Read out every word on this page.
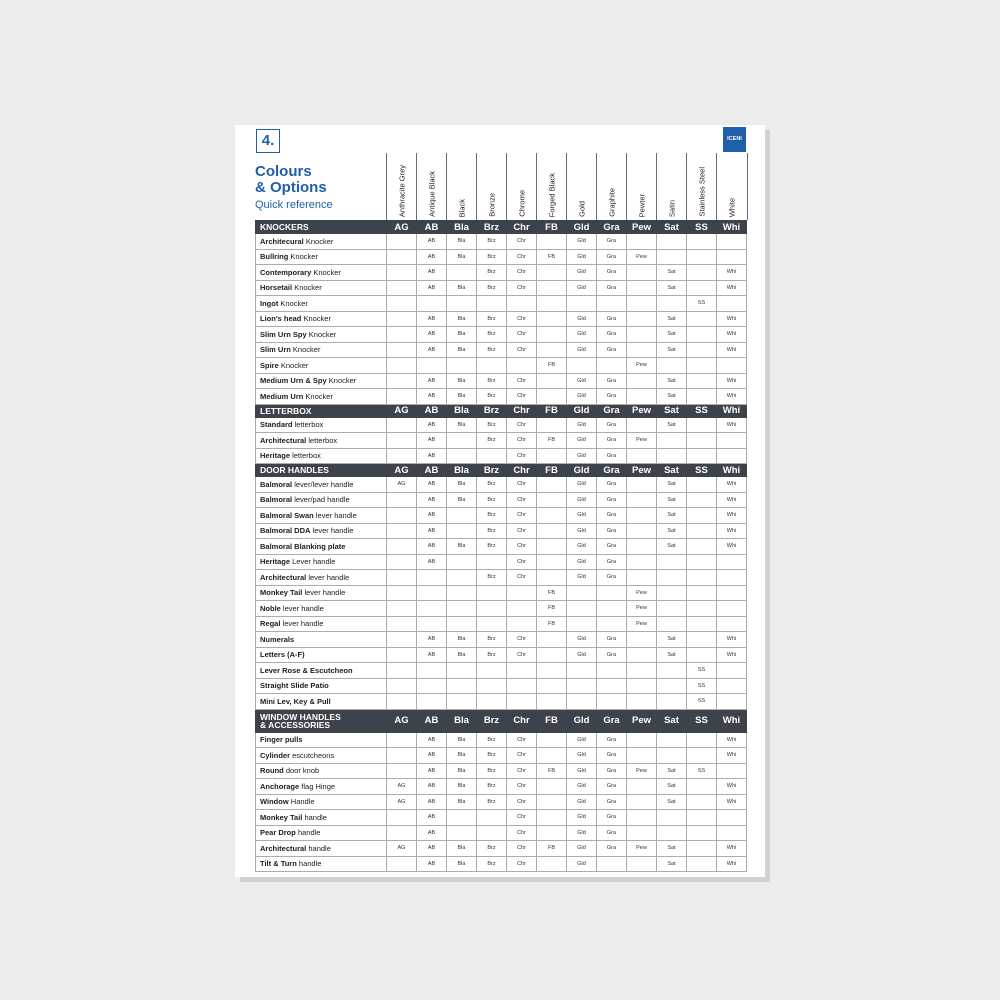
4.	ICENI
Colours
& Options
Quick reference	Anthracite Grey	Antique Black	Black	Bronze	Chrome	Forged Black	Gold	Graphite	Pewter	Satin	Stainless Steel	White
KNOCKERS	AG	AB	Bla	Brz	Chr	FB	Gld	Gra	Pew	Sat	SS	Whi
Architecural Knocker		AB	Bla	Brz	Chr		Gld	Gra				
Bullring Knocker		AB	Bla	Brz	Chr	FB	Gld	Gra	Pew			
Contemporary Knocker		AB		Brz	Chr		Gld	Gra		Sat		Whi
Horsetail Knocker		AB	Bla	Brz	Chr		Gld	Gra		Sat		Whi
Ingot Knocker											SS	
Lion's head Knocker		AB	Bla	Brz	Chr		Gld	Gra		Sat		Whi
Slim Urn Spy Knocker		AB	Bla	Brz	Chr		Gld	Gra		Sat		Whi
Slim Urn Knocker		AB	Bla	Brz	Chr		Gld	Gra		Sat		Whi
Spire Knocker						FB			Pew			
Medium Urn & Spy Knocker		AB	Bla	Brz	Chr		Gld	Gra		Sat		Whi
Medium Urn Knocker		AB	Bla	Brz	Chr		Gld	Gra		Sat		Whi
LETTERBOX	AG	AB	Bla	Brz	Chr	FB	Gld	Gra	Pew	Sat	SS	Whi
Standard letterbox		AB	Bla	Brz	Chr		Gld	Gra		Sat		Whi
Architectural letterbox		AB		Brz	Chr	FB	Gld	Gra	Pew			
Heritage letterbox		AB			Chr		Gld	Gra				
DOOR HANDLES	AG	AB	Bla	Brz	Chr	FB	Gld	Gra	Pew	Sat	SS	Whi
Balmoral lever/lever handle	AG	AB	Bla	Brz	Chr		Gld	Gra		Sat		Whi
Balmoral lever/pad handle		AB	Bla	Brz	Chr		Gld	Gra		Sat		Whi
Balmoral Swan lever handle		AB		Brz	Chr		Gld	Gra		Sat		Whi
Balmoral DDA lever handle		AB		Brz	Chr		Gld	Gra		Sat		Whi
Balmoral Blanking plate		AB	Bla	Brz	Chr		Gld	Gra		Sat		Whi
Heritage Lever handle		AB			Chr		Gld	Gra				
Architectural lever handle				Brz	Chr		Gld	Gra				
Monkey Tail lever handle						FB			Pew			
Noble lever handle						FB			Pew			
Regal lever handle						FB			Pew			
Numerals		AB	Bla	Brz	Chr		Gld	Gra		Sat		Whi
Letters (A-F)		AB	Bla	Brz	Chr		Gld	Gra		Sat		Whi
Lever Rose & Escutcheon											SS	
Straight Slide Patio											SS	
Mini Lev, Key & Pull											SS	
WINDOW HANDLES
& ACCESSORIES	AG	AB	Bla	Brz	Chr	FB	Gld	Gra	Pew	Sat	SS	Whi
Finger pulls		AB	Bla	Brz	Chr		Gld	Gra				Whi
Cylinder escutcheons		AB	Bla	Brz	Chr		Gld	Gra				Whi
Round door knob		AB	Bla	Brz	Chr	FB	Gld	Gra	Pew	Sat	SS	
Anchorage flag Hinge	AG	AB	Bla	Brz	Chr		Gld	Gra		Sat		Whi
Window Handle	AG	AB	Bla	Brz	Chr		Gld	Gra		Sat		Whi
Monkey Tail handle		AB			Chr		Gld	Gra				
Pear Drop handle		AB			Chr		Gld	Gra				
Architectural handle	AG	AB	Bla	Brz	Chr	FB	Gld	Gra	Pew	Sat		Whi
Tilt & Turn handle		AB	Bla	Brz	Chr		Gld			Sat		Whi
